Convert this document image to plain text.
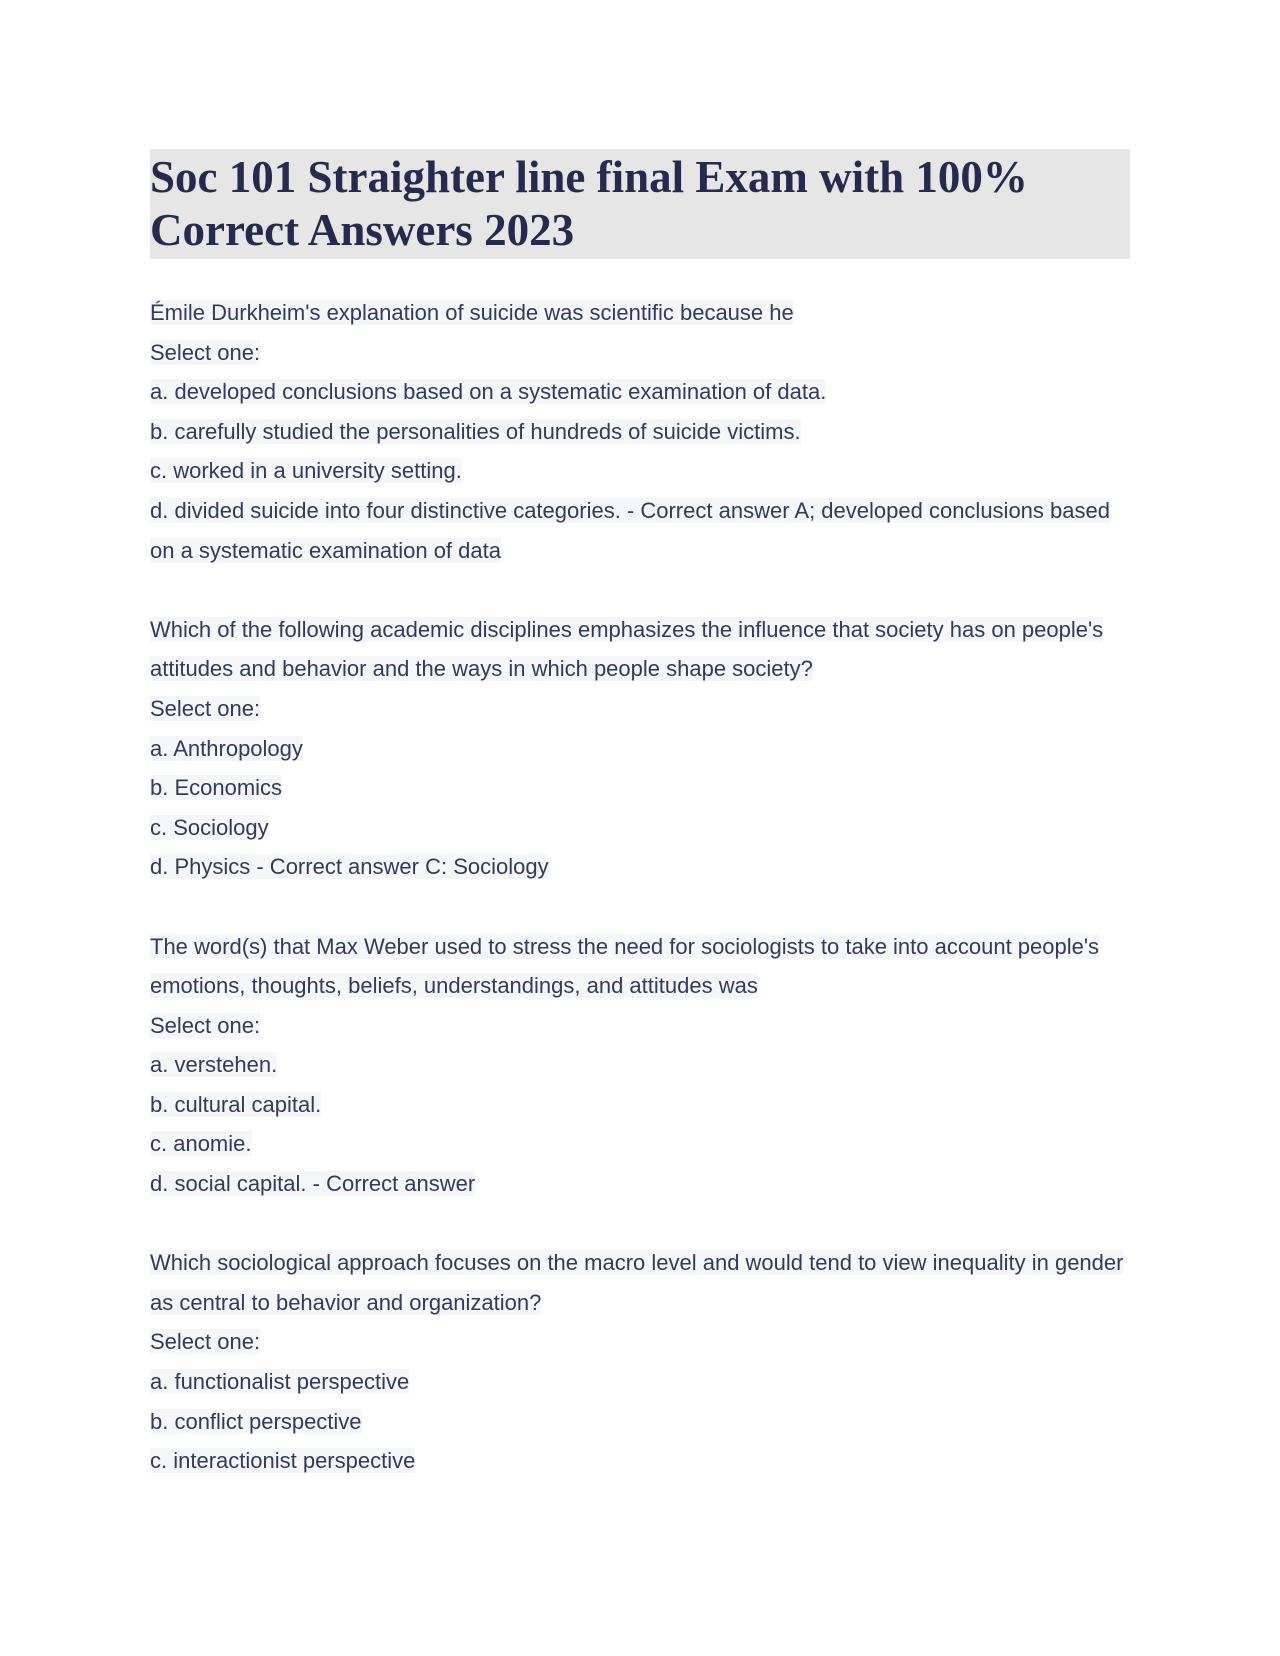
Soc 101 Straighter line final Exam with 100% Correct Answers 2023
Émile Durkheim's explanation of suicide was scientific because he
Select one:
a. developed conclusions based on a systematic examination of data.
b. carefully studied the personalities of hundreds of suicide victims.
c. worked in a university setting.
d. divided suicide into four distinctive categories. - Correct answer A; developed conclusions based on a systematic examination of data
Which of the following academic disciplines emphasizes the influence that society has on people's attitudes and behavior and the ways in which people shape society?
Select one:
a. Anthropology
b. Economics
c. Sociology
d. Physics - Correct answer C: Sociology
The word(s) that Max Weber used to stress the need for sociologists to take into account people's emotions, thoughts, beliefs, understandings, and attitudes was
Select one:
a. verstehen.
b. cultural capital.
c. anomie.
d. social capital. - Correct answer
Which sociological approach focuses on the macro level and would tend to view inequality in gender as central to behavior and organization?
Select one:
a. functionalist perspective
b. conflict perspective
c. interactionist perspective
